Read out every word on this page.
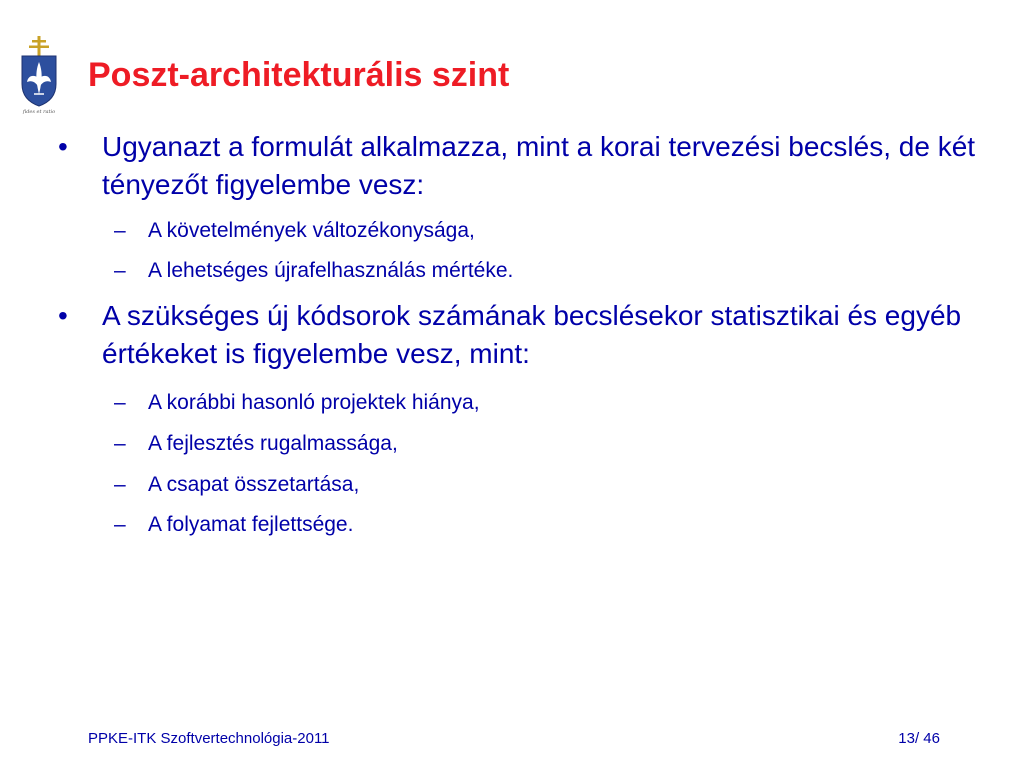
fides et ratio
Poszt-architekturális szint
• Ugyanazt a formulát alkalmazza, mint a korai tervezési becslés, de két tényezőt figyelembe vesz:
– A követelmények változékonysága,
– A lehetséges újrafelhasználás mértéke.
• A szükséges új kódsorok számának becslésekor statisztikai és egyéb értékeket is figyelembe vesz, mint:
– A korábbi hasonló projektek hiánya,
– A fejlesztés rugalmassága,
– A csapat összetartása,
– A folyamat fejlettsége.
PPKE-ITK Szoftvertechnológia-2011	13/ 46
